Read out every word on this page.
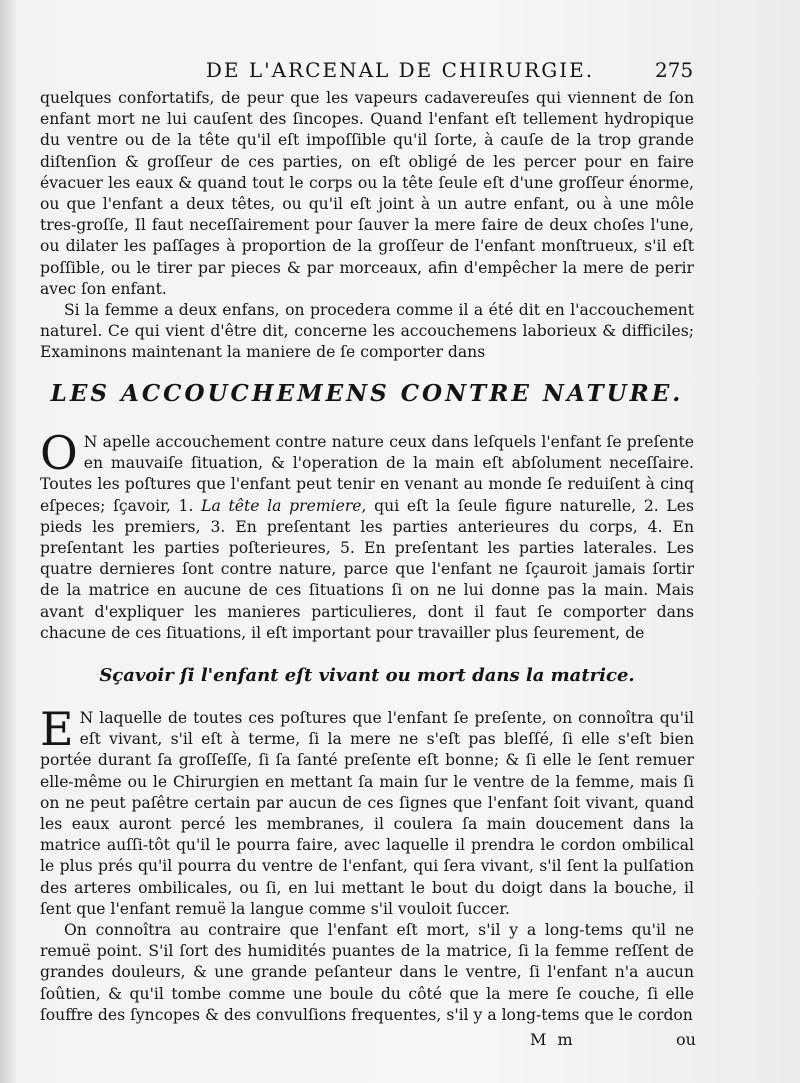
DE L'ARCENAL DE CHIRURGIE.	275

quelques confortatifs, de peur que les vapeurs cadavereuſes qui viennent de ſon enfant mort ne lui cauſent des ſincopes. Quand l'enfant eſt tellement hydropique du ventre ou de la tête qu'il eſt impoſſible qu'il ſorte, à cauſe de la trop grande diſtenſion & groſſeur de ces parties, on eſt obligé de les percer pour en faire évacuer les eaux & quand tout le corps ou la tête ſeule eſt d'une groſſeur énorme, ou que l'enfant a deux têtes, ou qu'il eſt joint à un autre enfant, ou à une môle tres-groſſe, Il faut neceſſairement pour ſauver la mere faire de deux choſes l'une, ou dilater les paſſages à proportion de la groſſeur de l'enfant monſtrueux, s'il eſt poſſible, ou le tirer par pieces & par morceaux, afin d'empêcher la mere de perir avec ſon enfant.

Si la femme a deux enfans, on procedera comme il a été dit en l'accouchement naturel. Ce qui vient d'être dit, concerne les accouchemens laborieux & difficiles; Examinons maintenant la maniere de ſe comporter dans

LES ACCOUCHEMENS CONTRE NATURE.

O N apelle accouchement contre nature ceux dans leſquels l'enfant ſe preſente en mauvaiſe ſituation, & l'operation de la main eſt abſolument neceſſaire. Toutes les poſtures que l'enfant peut tenir en venant au monde ſe reduiſent à cinq eſpeces; ſçavoir, 1. La tête la premiere, qui eſt la ſeule figure naturelle, 2. Les pieds les premiers, 3. En preſentant les parties anterieures du corps, 4. En preſentant les parties poſterieures, 5. En preſentant les parties laterales. Les quatre dernieres ſont contre nature, parce que l'enfant ne ſçauroit jamais ſortir de la matrice en aucune de ces ſituations ſi on ne lui donne pas la main. Mais avant d'expliquer les manieres particulieres, dont il faut ſe comporter dans chacune de ces ſituations, il eſt important pour travailler plus ſeurement, de

Sçavoir ſi l'enfant eſt vivant ou mort dans la matrice.

E N laquelle de toutes ces poſtures que l'enfant ſe preſente, on connoîtra qu'il eſt vivant, s'il eſt à terme, ſi la mere ne s'eſt pas bleſſé, ſi elle s'eſt bien portée durant ſa groſſeſſe, ſi ſa ſanté preſente eſt bonne; & ſi elle le ſent remuer elle-même ou le Chirurgien en mettant ſa main ſur le ventre de la femme, mais ſi on ne peut paſêtre certain par aucun de ces ſignes que l'enfant ſoit vivant, quand les eaux auront percé les membranes, il coulera ſa main doucement dans la matrice auſſi-tôt qu'il le pourra faire, avec laquelle il prendra le cordon ombilical le plus prés qu'il pourra du ventre de l'enfant, qui ſera vivant, s'il ſent la pulſation des arteres ombilicales, ou ſi, en lui mettant le bout du doigt dans la bouche, il ſent que l'enfant remuë la langue comme s'il vouloit ſuccer.

On connoîtra au contraire que l'enfant eſt mort, s'il y a long-tems qu'il ne remuë point. S'il ſort des humidités puantes de la matrice, ſi la femme reſſent de grandes douleurs, & une grande peſanteur dans le ventre, ſi l'enfant n'a aucun ſoûtien, & qu'il tombe comme une boule du côté que la mere ſe couche, ſi elle ſouffre des ſyncopes & des convulſions frequentes, s'il y a long-tems que le cordon

M m	ou
